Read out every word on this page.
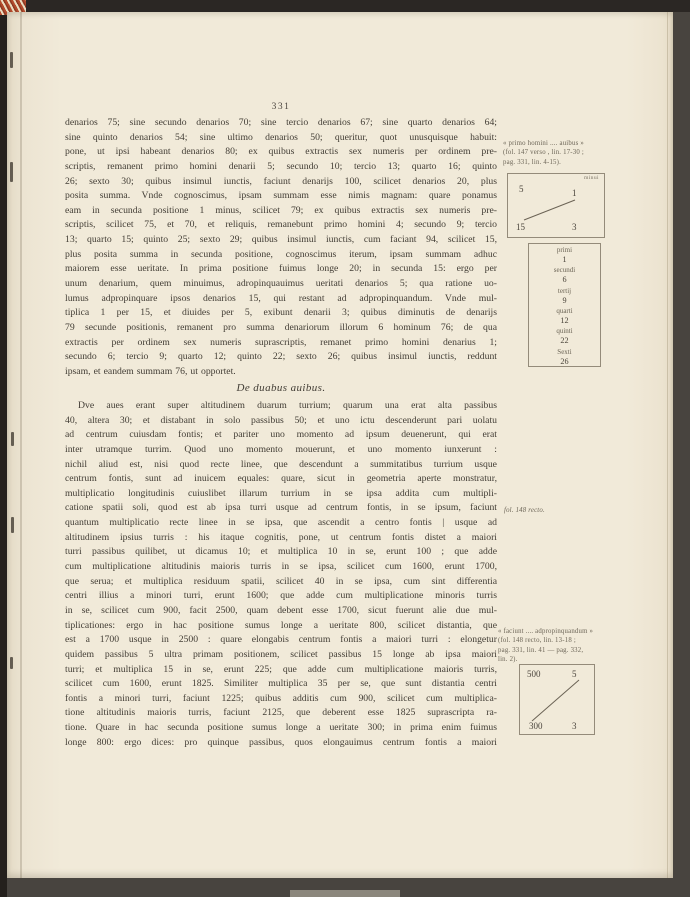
331
denarios 75; sine secundo denarios 70; sine tercio denarios 67; sine quarto denarios 64;
sine quinto denarios 54; sine ultimo denarios 50; queritur, quot unusquisque habuit:
pone, ut ipsi habeant denarios 80; ex quibus extractis sex numeris per ordinem pre-
scriptis, remanent primo homini denarii 5; secundo 10; tercio 13; quarto 16; quinto
26; sexto 30; quibus insimul iunctis, faciunt denarijs 100, scilicet denarios 20, plus
posita summa. Vnde cognoscimus, ipsam summam esse nimis magnam: quare ponamus
eam in secunda positione 1 minus, scilicet 79; ex quibus extractis sex numeris pre-
scriptis, scilicet 75, et 70, et reliquis, remanebunt primo homini 4; secundo 9; tercio
13; quarto 15; quinto 25; sexto 29; quibus insimul iunctis, cum faciant 94, scilicet 15,
plus posita summa in secunda positione, cognoscimus iterum, ipsam summam adhuc
maiorem esse ueritate. In prima positione fuimus longe 20; in secunda 15: ergo per
unum denarium, quem minuimus, adropinquauimus ueritati denarios 5; qua ratione uo-
lumus adpropinquare ipsos denarios 15, qui restant ad adpropinquandum. Vnde mul-
tiplica 1 per 15, et diuides per 5, exibunt denarii 3; quibus diminutis de denarijs
79 secunde positionis, remanent pro summa denariorum illorum 6 hominum 76; de qua
extractis per ordinem sex numeris suprascriptis, remanet primo homini denarius 1;
secundo 6; tercio 9; quarto 12; quinto 22; sexto 26; quibus insimul iunctis, reddunt
ipsam, et eandem summam 76, ut opportet.
De duabus auibus.
Dve aues erant super altitudinem duarum turrium; quarum una erat alta passibus
40, altera 30; et distabant in solo passibus 50; et uno ictu descenderunt pari uolatu
ad centrum cuiusdam fontis; et pariter uno momento ad ipsum deuenerunt, qui erat
inter utramque turrim. Quod uno momento mouerunt, et uno momento iunxerunt :
nichil aliud est, nisi quod recte linee, que descendunt a summitatibus turrium usque
centrum fontis, sunt ad inuicem equales: quare, sicut in geometria aperte monstratur,
multiplicatio longitudinis cuiuslibet illarum turrium in se ipsa addita cum multipli-
catione spatii soli, quod est ab ipsa turri usque ad centrum fontis, in se ipsum, faciunt
quantum multiplicatio recte linee in se ipsa, que ascendit a centro fontis | usque ad
altitudinem ipsius turris : his itaque cognitis, pone, ut centrum fontis distet a maiori
turri passibus quilibet, ut dicamus 10; et multiplica 10 in se, erunt 100 ; que adde
cum multiplicatione altitudinis maioris turris in se ipsa, scilicet cum 1600, erunt 1700,
que serua; et multiplica residuum spatii, scilicet 40 in se ipsa, cum sint differentia
centri illius a minori turri, erunt 1600; que adde cum multiplicatione minoris turris
in se, scilicet cum 900, facit 2500, quam debent esse 1700, sicut fuerunt alie due mul-
tiplicationes: ergo in hac positione sumus longe a ueritate 800, scilicet distantia, que
est a 1700 usque in 2500 : quare elongabis centrum fontis a maiori turri : elongetur
quidem passibus 5 ultra primam positionem, scilicet passibus 15 longe ab ipsa maiori
turri; et multiplica 15 in se, erunt 225; que adde cum multiplicatione maioris turris,
scilicet cum 1600, erunt 1825. Similiter multiplica 35 per se, que sunt distantia centri
fontis a minori turri, faciunt 1225; quibus additis cum 900, scilicet cum multiplica-
tione altitudinis maioris turris, faciunt 2125, que deberent esse 1825 suprascripta ra-
tione. Quare in hac secunda positione sumus longe a ueritate 300; in prima enim fuimus
longe 800: ergo dices: pro quinque passibus, quos elongauimus centrum fontis a maiori
« primo homini .... auibus »
(fol. 147 verso , lin. 17-30 ;
pag. 331, lin. 4-15).
minui
5	1
15	3
primi
1
secundi
6
tertij
9
quarti
12
quinti
22
Sexti
26
fol. 148 recto.
« faciunt .... adpropinquandum »
(fol. 148 recto, lin. 13-18 ;
pag. 331, lin. 41 — pag. 332,
lin. 2).
500	5
300	3
